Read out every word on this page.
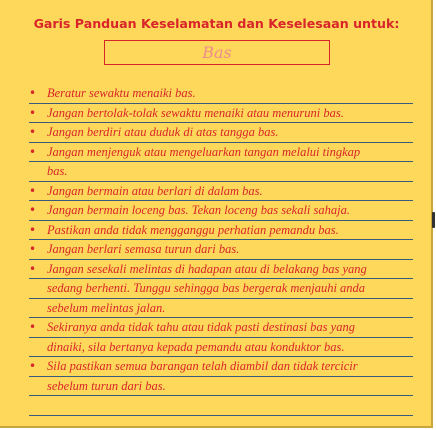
Garis Panduan Keselamatan dan Keselesaan untuk:
Bas
• Beratur sewaktu menaiki bas.
• Jangan bertolak-tolak sewaktu menaiki atau menuruni bas.
• Jangan berdiri atau duduk di atas tangga bas.
• Jangan menjenguk atau mengeluarkan tangan melalui tingkap
bas.
• Jangan bermain atau berlari di dalam bas.
• Jangan bermain loceng bas. Tekan loceng bas sekali sahaja.
• Pastikan anda tidak mengganggu perhatian pemandu bas.
• Jangan berlari semasa turun dari bas.
• Jangan sesekali melintas di hadapan atau di belakang bas yang
sedang berhenti. Tunggu sehingga bas bergerak menjauhi anda
sebelum melintas jalan.
• Sekiranya anda tidak tahu atau tidak pasti destinasi bas yang
dinaiki, sila bertanya kepada pemandu atau konduktor bas.
• Sila pastikan semua barangan telah diambil dan tidak tercicir
sebelum turun dari bas.
